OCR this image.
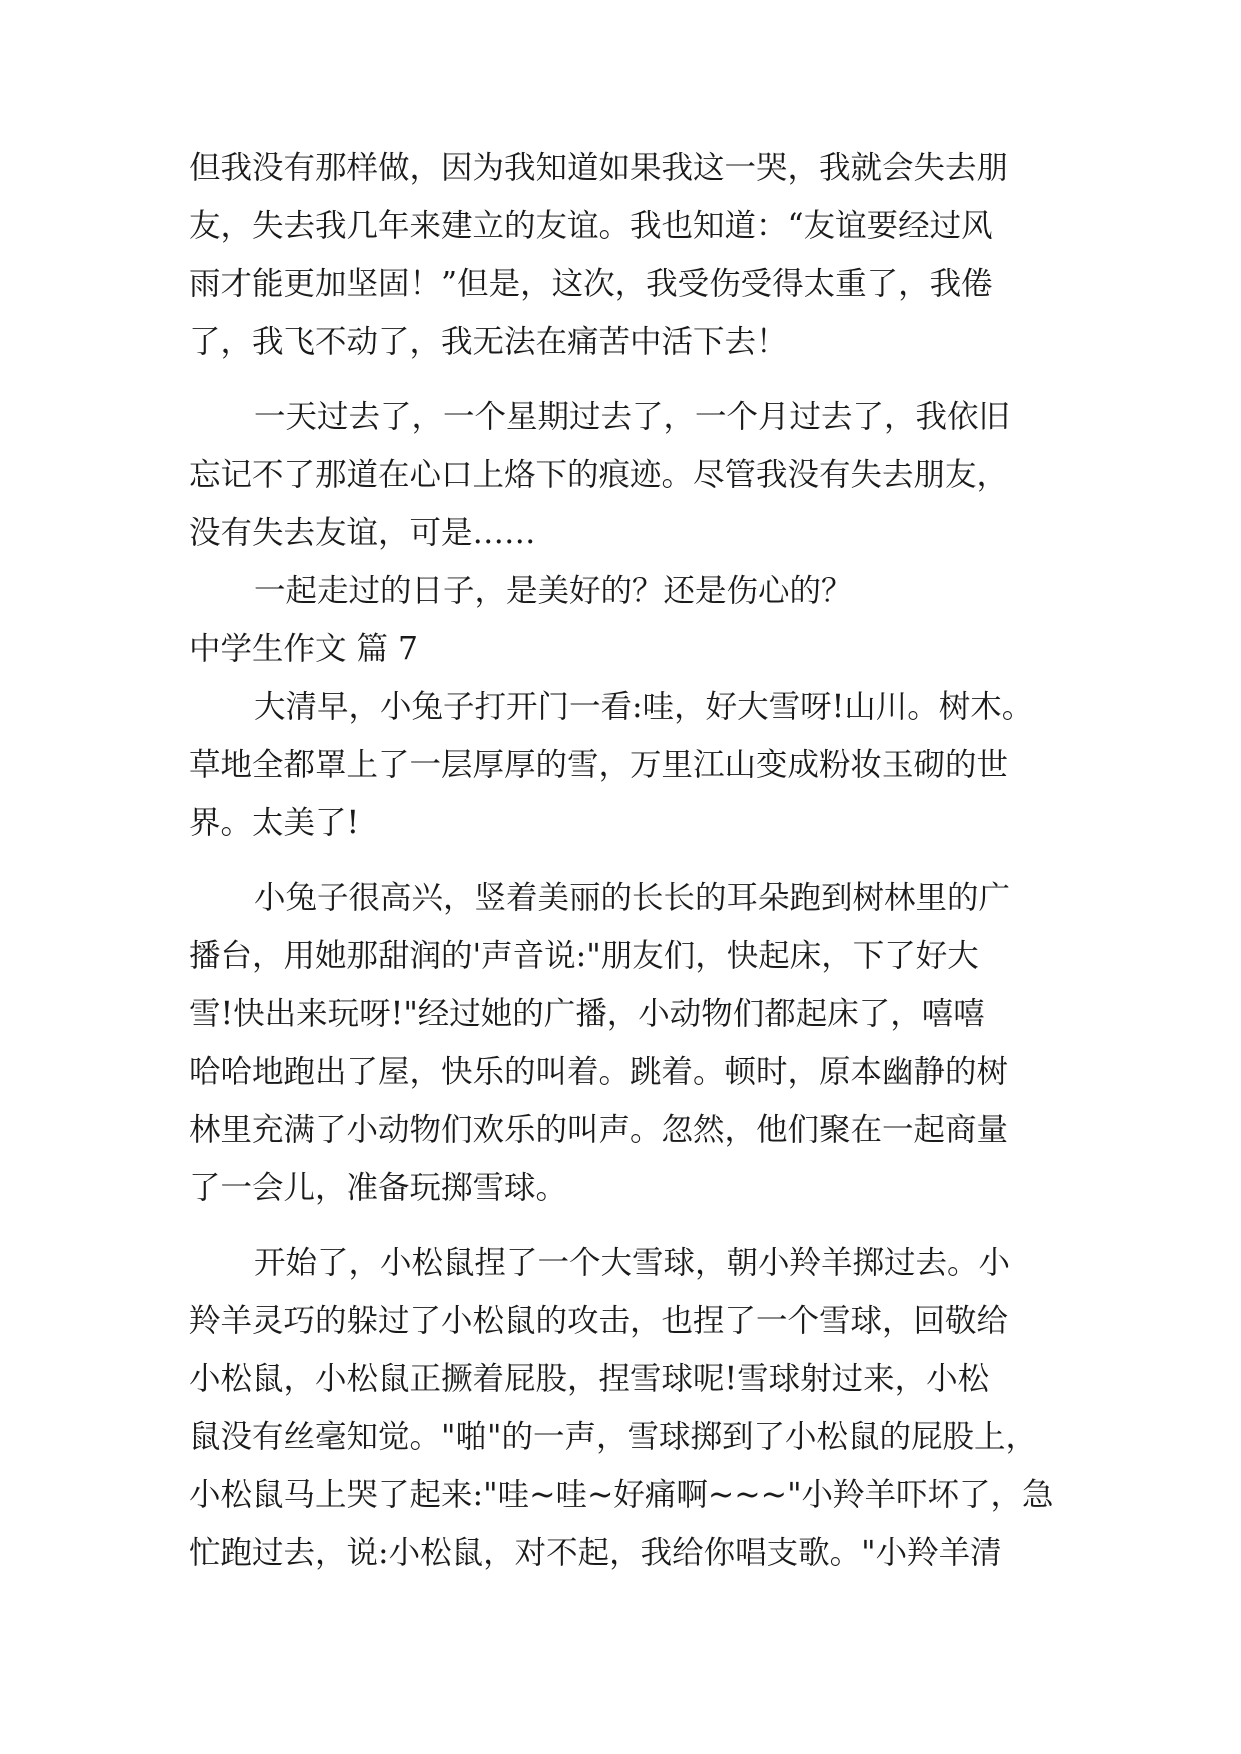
但我没有那样做，因为我知道如果我这一哭，我就会失去朋
友，失去我几年来建立的友谊。我也知道：“友谊要经过风
雨才能更加坚固！”但是，这次，我受伤受得太重了，我倦
了，我飞不动了，我无法在痛苦中活下去！
一天过去了，一个星期过去了，一个月过去了，我依旧
忘记不了那道在心口上烙下的痕迹。尽管我没有失去朋友，
没有失去友谊，可是……
一起走过的日子，是美好的？还是伤心的？
中学生作文 篇 7
大清早，小兔子打开门一看:哇，好大雪呀!山川。树木。
草地全都罩上了一层厚厚的雪，万里江山变成粉妆玉砌的世
界。太美了!
小兔子很高兴，竖着美丽的长长的耳朵跑到树林里的广
播台，用她那甜润的'声音说:"朋友们，快起床，下了好大
雪!快出来玩呀!"经过她的广播，小动物们都起床了，嘻嘻
哈哈地跑出了屋，快乐的叫着。跳着。顿时，原本幽静的树
林里充满了小动物们欢乐的叫声。忽然，他们聚在一起商量
了一会儿，准备玩掷雪球。
开始了，小松鼠捏了一个大雪球，朝小羚羊掷过去。小
羚羊灵巧的躲过了小松鼠的攻击，也捏了一个雪球，回敬给
小松鼠，小松鼠正撅着屁股，捏雪球呢!雪球射过来，小松
鼠没有丝毫知觉。"啪"的一声，雪球掷到了小松鼠的屁股上，
小松鼠马上哭了起来:"哇~哇~好痛啊~~~"小羚羊吓坏了，急
忙跑过去，说:小松鼠，对不起，我给你唱支歌。"小羚羊清
